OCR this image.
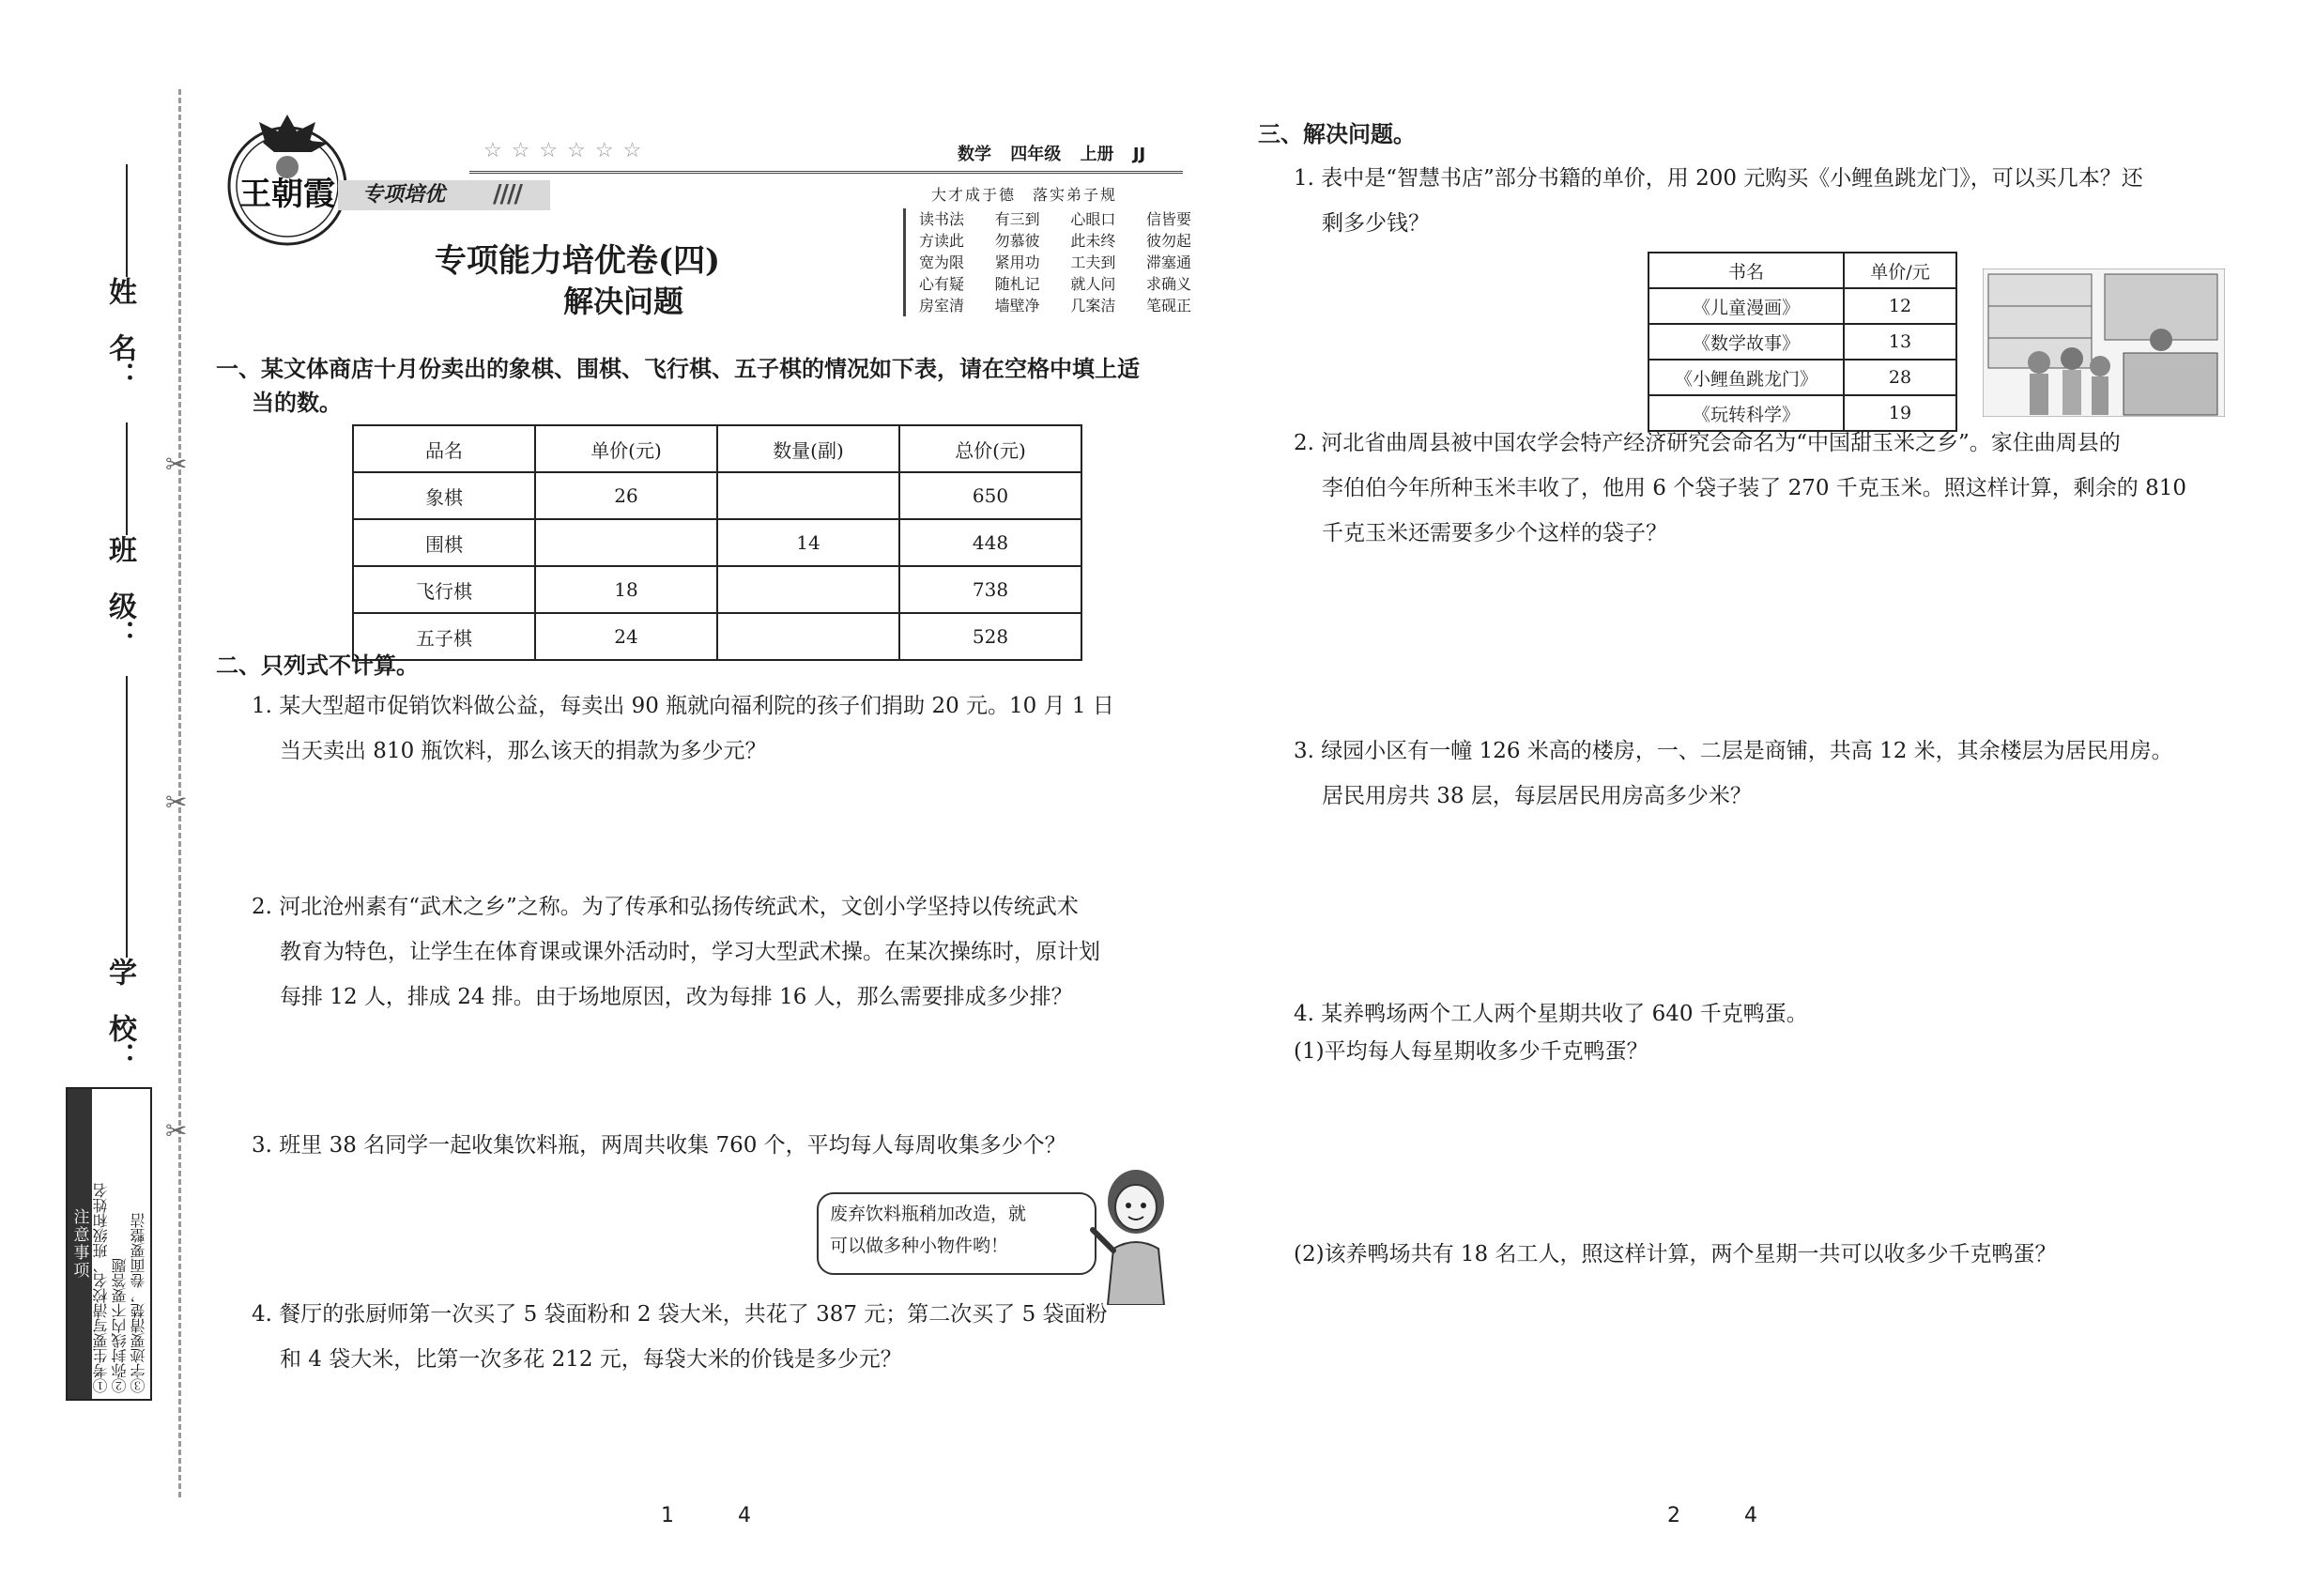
姓　名：
班　级：
学　校：
✂
✂
✂
注意事项 ①考生要写清校名、班级和姓名 ②弥封线内不要答题 ③字迹要清楚，卷面要整洁
王朝霞
☆☆☆☆☆☆	数学 四年级 上册 JJ
专项培优	////	大才成于德　落实弟子规
读书法 有三到 心眼口 信皆要
方读此 勿慕彼 此未终 彼勿起
宽为限 紧用功 工夫到 滞塞通
心有疑 随札记 就人问 求确义
房室清 墙壁净 几案洁 笔砚正
专项能力培优卷(四)
解决问题
一、某文体商店十月份卖出的象棋、围棋、飞行棋、五子棋的情况如下表，请在空格中填上适
当的数。
品名	单价(元)	数量(副)	总价(元)
象棋	26		650
围棋		14	448
飞行棋	18		738
五子棋	24		528
二、只列式不计算。
1. 某大型超市促销饮料做公益，每卖出 90 瓶就向福利院的孩子们捐助 20 元。10 月 1 日
当天卖出 810 瓶饮料，那么该天的捐款为多少元？
2. 河北沧州素有“武术之乡”之称。为了传承和弘扬传统武术，文创小学坚持以传统武术
教育为特色，让学生在体育课或课外活动时，学习大型武术操。在某次操练时，原计划
每排 12 人，排成 24 排。由于场地原因，改为每排 16 人，那么需要排成多少排？
3. 班里 38 名同学一起收集饮料瓶，两周共收集 760 个，平均每人每周收集多少个？
废弃饮料瓶稍加改造，就
可以做多种小物件哟！
4. 餐厅的张厨师第一次买了 5 袋面粉和 2 袋大米，共花了 387 元；第二次买了 5 袋面粉
和 4 袋大米，比第一次多花 212 元，每袋大米的价钱是多少元？
三、解决问题。
1. 表中是“智慧书店”部分书籍的单价，用 200 元购买《小鲤鱼跳龙门》，可以买几本？还
剩多少钱？
书名	单价/元
《儿童漫画》	12
《数学故事》	13
《小鲤鱼跳龙门》	28
《玩转科学》	19
2. 河北省曲周县被中国农学会特产经济研究会命名为“中国甜玉米之乡”。家住曲周县的
李伯伯今年所种玉米丰收了，他用 6 个袋子装了 270 千克玉米。照这样计算，剩余的 810
千克玉米还需要多少个这样的袋子？
3. 绿园小区有一幢 126 米高的楼房，一、二层是商铺，共高 12 米，其余楼层为居民用房。
居民用房共 38 层，每层居民用房高多少米？
4. 某养鸭场两个工人两个星期共收了 640 千克鸭蛋。
(1)平均每人每星期收多少千克鸭蛋？
(2)该养鸭场共有 18 名工人，照这样计算，两个星期一共可以收多少千克鸭蛋？
1	4	2	4
